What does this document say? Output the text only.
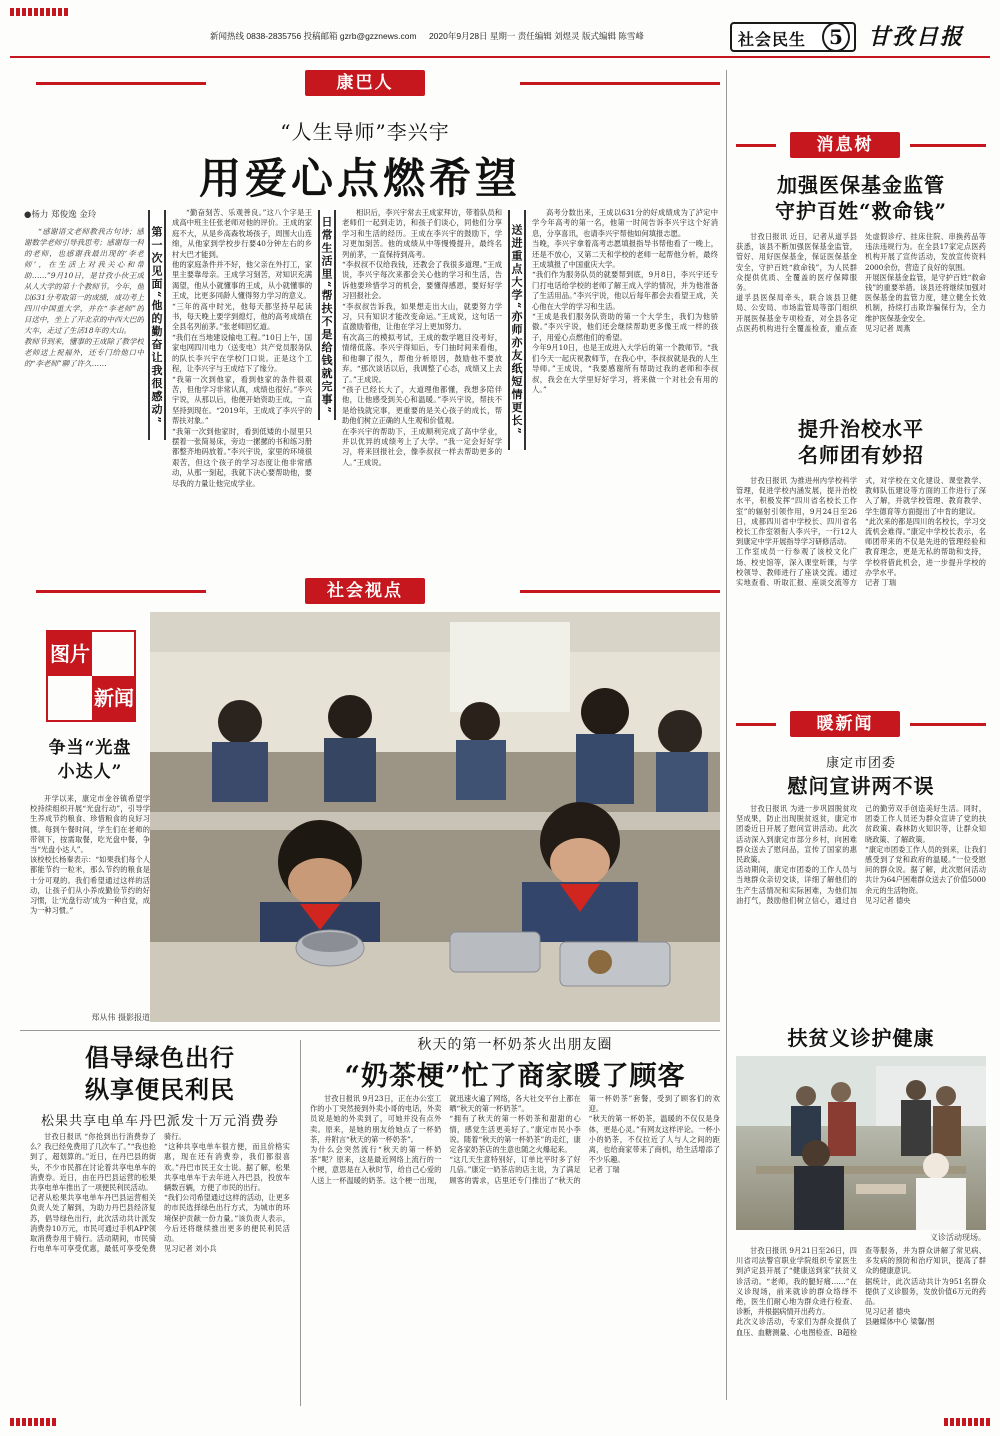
新闻热线 0838-2835756 投稿邮箱 gzrb@gzznews.com 2020年9月28日 星期一 责任编辑 刘煜灵 版式编辑 陈雪峰	社会民生	5	甘孜日报
康巴人
“人生导师”李兴宇
用爱心点燃希望
●杨力 郑俊逸 金玲
“感谢语文老师教我古句诗；感谢数学老师引导我思考；感谢每一科的老师，也感谢我最出现的‘李老师’，在生活上对我关心和帮助……”9月10日，是甘孜小伙王成从人大学的第十个教师节。今年，他以631分考取第一的成绩，成功考上四川中国重大学，并在“李老师”的目送中，坐上了开北京的中西大巴的大车，走过了生活18年的大山。
教师节到来，懂事的王成除了教学校老师送上祝福外，还专门给他口中的“李老师”聊了许久……	第一次见面“他的勤奋让我很感动”
“勤奋刻苦、乐观善良。”这八个字是王成高中班主任张老师对他的评价。王成的家庭不大，从是乡高森牧场孩子，周围大山连绵，从他家到学校步行要40分钟左右的乡村大巴才能到。
他的家庭条件并不好，他父亲在外打工，家里主要靠母亲。王成学习刻苦，对知识充满渴望，他从小就懂事的王成，从小就懂事的王成，比更多同龄人懂得努力学习的意义。
“三年的高中时光，他每天都坚持早起读书，每天晚上要学到熄灯，他的高考成绩在全县名列前茅。”张老师回忆道。
“我们在当地建设输电工程。”10日上午，国家电网四川电力（送变电）共产党员服务队的队长李兴宇在学校门口说。正是这个工程，让李兴宇与王成结下了缘分。
“我第一次到他家，看到他家的条件很艰苦，但他学习非常认真，成绩也很好。”李兴宇说，从那以后，他便开始资助王成，一直坚持到现在。“2019年，王成成了李兴宇的帮扶对象。”
“我第一次到他家时，看到低矮的小屋里只摆着一张简易床，旁边一摞摞的书和练习册都整齐地码放着。”李兴宇说，家里的环境很艰苦，但这个孩子的学习态度让他非常感动，从那一刻起，我就下决心要帮助他，要尽我的力量让他完成学业。
日常生活里“帮扶不是给钱就完事”
相识后，李兴宇常去王成家拜访，带着队员和老师们一起到走访，和孩子们谈心，同他们分享学习和生活的经历。王成在李兴宇的鼓励下，学习更加刻苦。他的成绩从中等慢慢提升，最终名列前茅，一直保持到高考。
“李叔叔不仅给我钱，还教会了我很多道理。”王成说，李兴宇每次来都会关心他的学习和生活，告诉他要珍惜学习的机会，要懂得感恩，要好好学习回报社会。
“李叔叔告诉我，如果想走出大山，就要努力学习，只有知识才能改变命运。”王成说，这句话一直激励着他，让他在学习上更加努力。
有次高三的模拟考试，王成的数学题目没考好，情绪低落。李兴宇得知后，专门抽时间来看他，和他聊了很久，帮他分析原因，鼓励他不要放弃。“那次谈话以后，我调整了心态，成绩又上去了。”王成说。
“孩子已经长大了，大道理他都懂，我想多陪伴他，让他感受到关心和温暖。”李兴宇说，帮扶不是给钱就完事，更重要的是关心孩子的成长，帮助他们树立正确的人生观和价值观。
在李兴宇的帮助下，王成顺利完成了高中学业，并以优异的成绩考上了大学。“我一定会好好学习，将来回报社会，像李叔叔一样去帮助更多的人。”王成说。
送进重点大学“亦师亦友纸短情更长”
高考分数出来，王成以631分的好成绩成为了泸定中学今年高考的第一名，他第一时间告诉李兴宇这个好消息，分享喜讯，也请李兴宇帮他如何填报志愿。
当晚，李兴宇拿着高考志愿填报指导书帮他看了一晚上，还是不放心，又第二天和学校的老师一起帮他分析，最终王成填报了中国重庆大学。
“我们作为服务队员的就要帮到底，9月8日，李兴宇还专门打电话给学校的老师了解王成入学的情况，并为他准备了生活用品。”李兴宇说，他以后每年都会去看望王成，关心他在大学的学习和生活。
“王成是我们服务队资助的第一个大学生，我们为他骄傲。”李兴宇说，他们还会继续帮助更多像王成一样的孩子，用爱心点燃他们的希望。
今年9月10日，也是王成进入大学后的第一个教师节。“我们今天一起庆祝教师节，在我心中，李叔叔就是我的人生导师。”王成说，“我要感谢所有帮助过我的老师和李叔叔，我会在大学里好好学习，将来做一个对社会有用的人。”
消息树
加强医保基金监管
守护百姓“救命钱”
甘孜日报讯 近日，记者从道孚县获悉，该县不断加强医保基金监管，管好、用好医保基金，保证医保基金安全，守护百姓“救命钱”，为人民群众提供优质、全覆盖的医疗保障服务。
道孚县医保局牵头，联合该县卫健局、公安局、市场监管局等部门组织开展医保基金专项检查，对全县各定点医药机构进行全覆盖检查，重点查处虚假诊疗、挂床住院、串换药品等违法违规行为。在全县17家定点医药机构开展了宣传活动，发放宣传资料2000余份，营造了良好的氛围。
开展医保基金监管，是守护百姓“救命钱”的重要举措。该县还将继续加强对医保基金的监管力度，建立健全长效机制，持续打击欺诈骗保行为，全力维护医保基金安全。
见习记者 周燕
提升治校水平
名师团有妙招
甘孜日报讯 为推进州内学校科学管理，促进学校内涵发展，提升治校水平，积极发挥“四川省名校长工作室”的辐射引领作用，9月24日至26日，成都四川省中学校长、四川省名校长工作室领衔人李兴宇，一行12人到康定中学开展指导学习研修活动。
工作室成员一行参观了该校文化广场、校史馆等，深入课堂听课，与学校领导、教师进行了座谈交流。通过实地查看、听取汇报、座谈交流等方式，对学校在文化建设、课堂教学、教师队伍建设等方面的工作进行了深入了解，并就学校管理、教育教学、学生德育等方面提出了中肯的建议。
“此次来的都是四川的名校长，学习交流机会难得。”康定中学校长表示，名师团带来的不仅是先进的管理经验和教育理念，更是无私的帮助和支持，学校将借此机会，进一步提升学校的办学水平。
记者 丁瑞
暖新闻
康定市团委
慰问宣讲两不误
甘孜日报讯 为进一步巩固脱贫攻坚成果，防止出现脱贫返贫，康定市团委近日开展了慰问宣讲活动。此次活动深入到康定市部分乡村，向困难群众送去了慰问品，宣传了国家的惠民政策。
活动期间，康定市团委的工作人员与当地群众亲切交谈，详细了解他们的生产生活情况和实际困难，为他们加油打气，鼓励他们树立信心，通过自己的勤劳双手创造美好生活。同时，团委工作人员还为群众宣讲了党的扶贫政策、森林防火知识等，让群众知晓政策、了解政策。
“康定市团委工作人员的到来，让我们感受到了党和政府的温暖。”一位受慰问的群众说。据了解，此次慰问活动共计为64户困难群众送去了价值5000余元的生活物资。
见习记者 德央
扶贫义诊护健康
义诊活动现场。
甘孜日报讯 9月21日至26日，四川省司法警官职业学院组织专家医生到泸定县开展了“健康送到家”扶贫义诊活动。“老师，我的腿好痛……”在义诊现场，前来就诊的群众络绎不绝，医生们耐心地为群众进行检查、诊断，并根据病情开出药方。
此次义诊活动，专家们为群众提供了血压、血糖测量、心电图检查、B超检查等服务，并为群众讲解了常见病、多发病的预防和治疗知识，提高了群众的健康意识。
据统计，此次活动共计为951名群众提供了义诊服务，发放价值6万元的药品。
见习记者 德央
县融媒体中心 梁馨/图
社会视点
图片
新闻
争当“光盘
小达人”
开学以来，康定市金谷镇希望学校持续组织开展“光盘行动”，引导学生养成节约粮食、珍惜粮食的良好习惯。每到午餐时间，学生们在老师的带领下，按需取餐，吃光盘中餐，争当“光盘小达人”。
该校校长杨秦表示：“如果我们每个人都能节约一粒米，那么节约的粮食是十分可观的。我们希望通过这样的活动，让孩子们从小养成勤俭节约的好习惯，让‘光盘行动’成为一种自觉，成为一种习惯。”
郑从伟 摄影报道
倡导绿色出行
纵享便民利民
松果共享电单车丹巴派发十万元消费券
甘孜日报讯 “你抢到出行消费券了么？我已经免费用了几次车了。”“我也抢到了，超划算的。”近日，在丹巴县的街头，不少市民都在讨论着共享电单车的消费券。近日，由在丹巴县运营的松果共享电单车推出了一项便民利民活动。
记者从松果共享电单车丹巴县运营相关负责人处了解到，为助力丹巴县经济复苏，倡导绿色出行，此次活动共计派发消费券10万元，市民可通过手机APP领取消费券用于骑行。活动期间，市民骑行电单车可享受优惠，最低可享受免费骑行。
“这种共享电单车很方便，而且价格实惠，现在还有消费券，我们都很喜欢。”丹巴市民王女士说。据了解，松果共享电单车于去年进入丹巴县，投放车辆数百辆，方便了市民的出行。
“我们公司希望通过这样的活动，让更多的市民选择绿色出行方式，为城市的环境保护贡献一份力量。”该负责人表示，今后还将继续推出更多的便民利民活动。
见习记者 刘小兵
秋天的第一杯奶茶火出朋友圈
“奶茶梗”忙了商家暖了顾客
甘孜日报讯 9月23日，正在办公室工作的小丁突然接到外卖小哥的电话，外卖员说是她的外卖到了，可她并没有点外卖。原来，是她的朋友给她点了一杯奶茶，并附言“秋天的第一杯奶茶”。
为什么会突然流行“秋天的第一杯奶茶”呢？原来，这是最近网络上流行的一个梗，意思是在入秋时节，给自己心爱的人送上一杯温暖的奶茶。这个梗一出现，就迅速火遍了网络，各大社交平台上都在晒“秋天的第一杯奶茶”。
“拥有了秋天的第一杯奶茶和甜甜的心情，感觉生活更美好了。”康定市民小李说。随着“秋天的第一杯奶茶”的走红，康定各家奶茶店的生意也随之火爆起来。
“这几天生意特别好，订单比平时多了好几倍。”康定一奶茶店的店主说，为了满足顾客的需求，店里还专门推出了“秋天的第一杯奶茶”套餐，受到了顾客们的欢迎。
“秋天的第一杯奶茶，温暖的不仅仅是身体，更是心灵。”有网友这样评论。一杯小小的奶茶，不仅拉近了人与人之间的距离，也给商家带来了商机，给生活增添了不少乐趣。
记者 丁瑞
